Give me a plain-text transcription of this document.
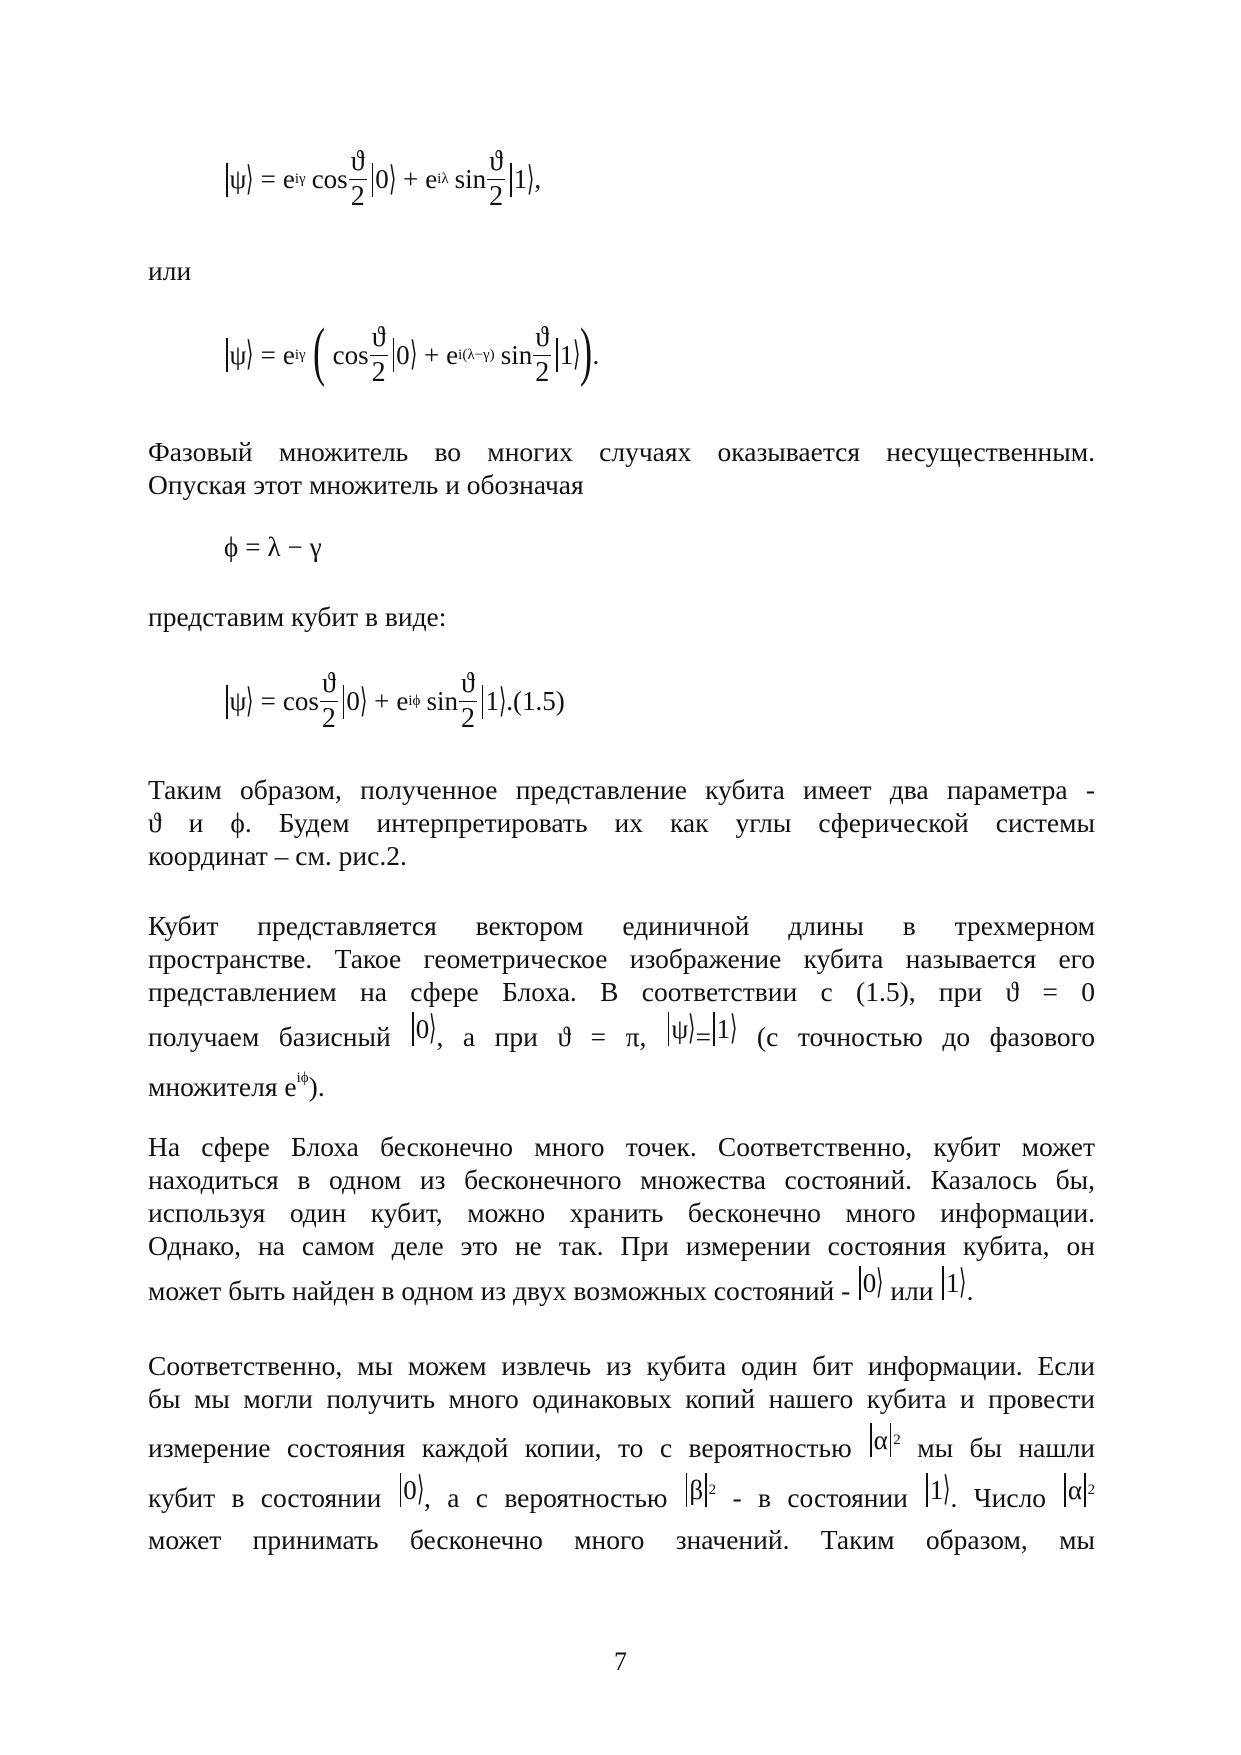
ψ ⟩ = e iγ $\cos \frac{ϑ}{2} 0$ ⟩ + e iλ $\sin \frac{ϑ}{2} 1$ ⟩ ,

или

ψ ⟩ = e iγ ( $\cos \frac{ϑ}{2} 0$ ⟩ + e i(λ−γ) $\sin \frac{ϑ}{2} 1$ ⟩ ) .

Фазовый множитель во многих случаях оказывается несущественным.

Опуская этот множитель и обозначая

ϕ = λ − γ

представим кубит в виде:

ψ ⟩ = $\cos \frac{ϑ}{2} 0$ ⟩ + e iϕ $\sin \frac{ϑ}{2} 1$ ⟩ .(1.5)

Таким образом, полученное представление кубита имеет два параметра -

ϑ и ϕ. Будем интерпретировать их как углы сферической системы

координат – см. рис.2.

Кубит представляется вектором единичной длины в трехмерном

пространстве. Такое геометрическое изображение кубита называется его

представлением на сфере Блоха. В соответствии с (1.5), при ϑ = 0

получаем базисный 0 ⟩ , а при ϑ = π, ψ ⟩ = 1 ⟩ (с точностью до фазового

множителя $e^{i\phi}$).

На сфере Блоха бесконечно много точек. Соответственно, кубит может

находиться в одном из бесконечного множества состояний. Казалось бы,

используя один кубит, можно хранить бесконечно много информации.

Однако, на самом деле это не так. При измерении состояния кубита, он

может быть найден в одном из двух возможных состояний - 0 ⟩ или 1 ⟩ .

Соответственно, мы можем извлечь из кубита один бит информации. Если

бы мы могли получить много одинаковых копий нашего кубита и провести

измерение состояния каждой копии, то с вероятностью α 2 мы бы нашли

кубит в состоянии 0 ⟩ , а с вероятностью β 2 - в состоянии 1 ⟩ . Число α 2

может принимать бесконечно много значений. Таким образом, мы

7
